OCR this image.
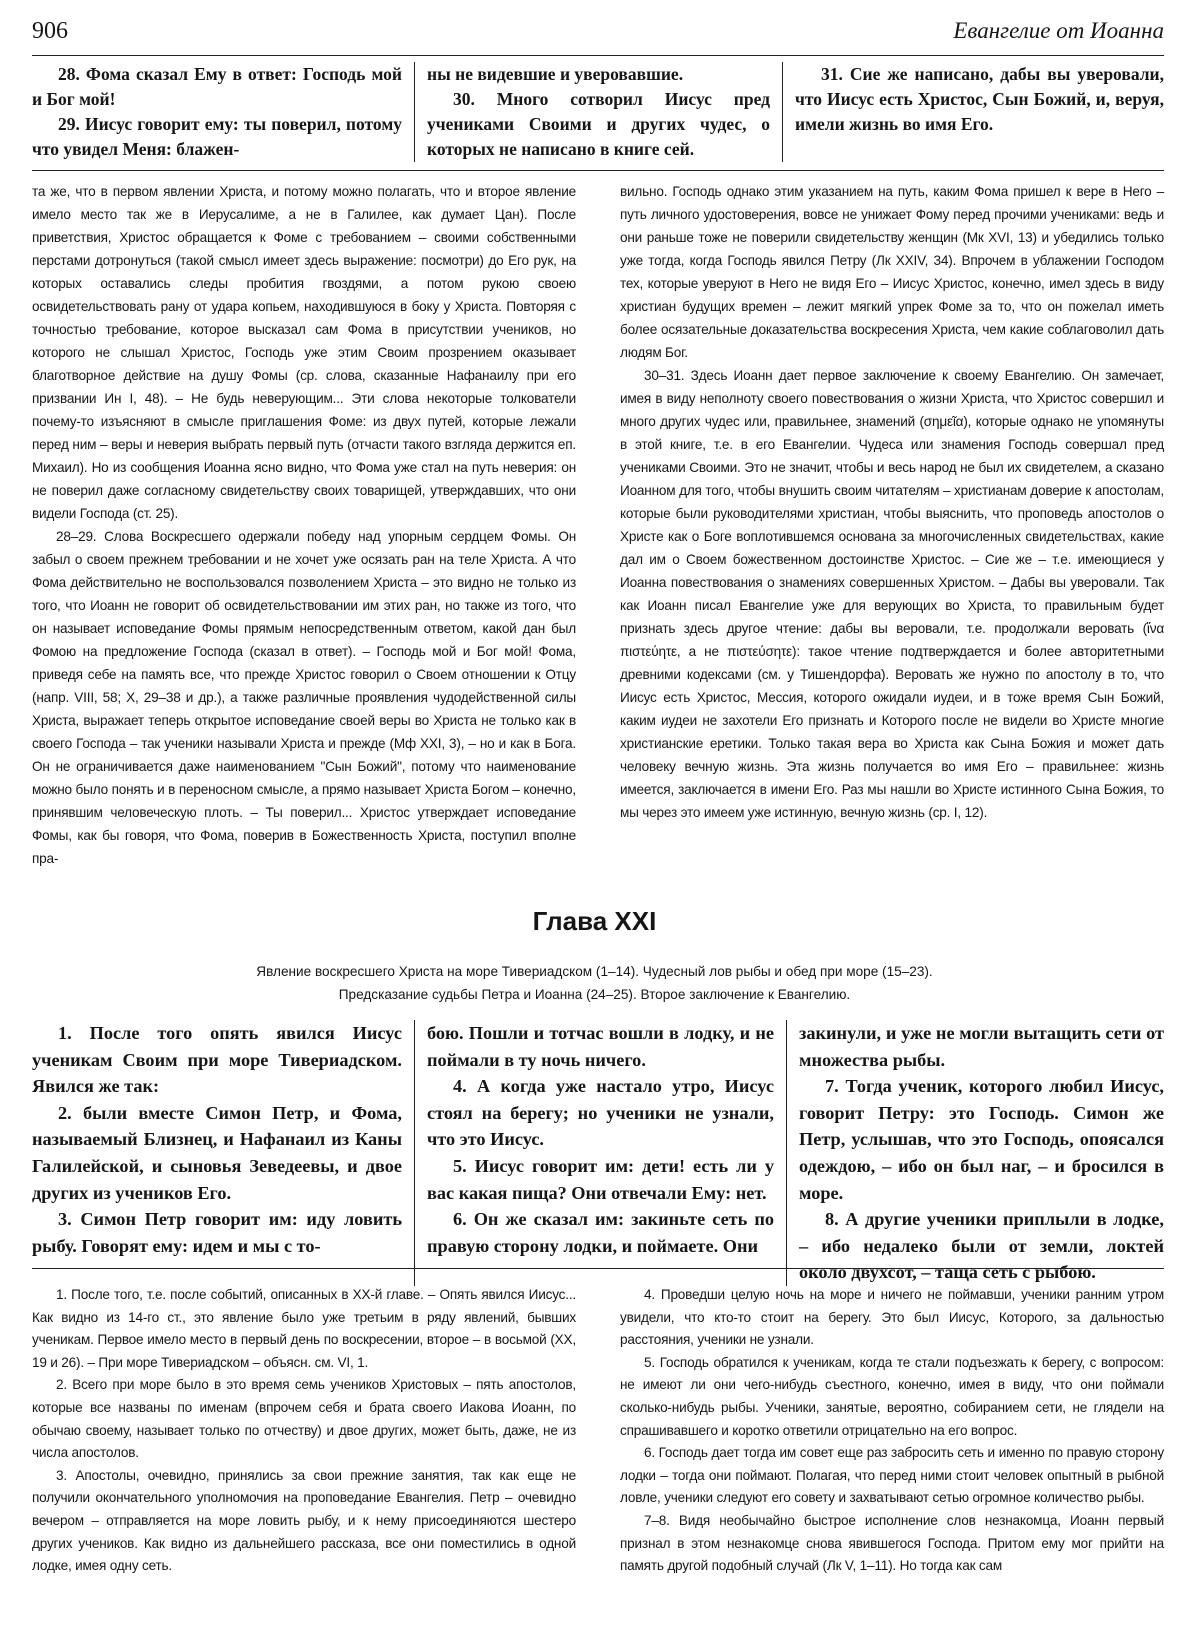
906	Евангелие от Иоанна

28. Фома сказал Ему в ответ: Господь мой и Бог мой!

29. Иисус говорит ему: ты поверил, потому что увидел Меня: блажен-

ны не видевшие и уверовавшие.

30. Много сотворил Иисус пред учениками Своими и других чудес, о которых не написано в книге сей.

31. Сие же написано, дабы вы уверовали, что Иисус есть Христос, Сын Божий, и, веруя, имели жизнь во имя Его.

та же, что в первом явлении Христа, и потому можно полагать, что и второе явление имело место так же в Иерусалиме, а не в Галилее, как думает Цан). После приветствия, Христос обращается к Фоме с требованием – своими собственными перстами дотронуться (такой смысл имеет здесь выражение: посмотри) до Его рук, на которых оставались следы пробития гвоздями, а потом рукою своею освидетельствовать рану от удара копьем, находившуюся в боку у Христа. Повторяя с точностью требование, которое высказал сам Фома в присутствии учеников, но которого не слышал Христос, Господь уже этим Своим прозрением оказывает благотворное действие на душу Фомы (ср. слова, сказанные Нафанаилу при его призвании Ин I, 48). – Не будь неверующим... Эти слова некоторые толкователи почему-то изъясняют в смысле приглашения Фоме: из двух путей, которые лежали перед ним – веры и неверия выбрать первый путь (отчасти такого взгляда держится еп. Михаил). Но из сообщения Иоанна ясно видно, что Фома уже стал на путь неверия: он не поверил даже согласному свидетельству своих товарищей, утверждавших, что они видели Господа (ст. 25).

28–29. Слова Воскресшего одержали победу над упорным сердцем Фомы. Он забыл о своем прежнем требовании и не хочет уже осязать ран на теле Христа. А что Фома действительно не воспользовался позволением Христа – это видно не только из того, что Иоанн не говорит об освидетельствовании им этих ран, но также из того, что он называет исповедание Фомы прямым непосредственным ответом, какой дан был Фомою на предложение Господа (сказал в ответ). – Господь мой и Бог мой! Фома, приведя себе на память все, что прежде Христос говорил о Своем отношении к Отцу (напр. VIII, 58; X, 29–38 и др.), а также различные проявления чудодейственной силы Христа, выражает теперь открытое исповедание своей веры во Христа не только как в своего Господа – так ученики называли Христа и прежде (Мф XXI, 3), – но и как в Бога. Он не ограничивается даже наименованием "Сын Божий", потому что наименование можно было понять и в переносном смысле, а прямо называет Христа Богом – конечно, принявшим человеческую плоть. – Ты поверил... Христос утверждает исповедание Фомы, как бы говоря, что Фома, поверив в Божественность Христа, поступил вполне пра-

вильно. Господь однако этим указанием на путь, каким Фома пришел к вере в Него – путь личного удостоверения, вовсе не унижает Фому перед прочими учениками: ведь и они раньше тоже не поверили свидетельству женщин (Мк XVI, 13) и убедились только уже тогда, когда Господь явился Петру (Лк XXIV, 34). Впрочем в ублажении Господом тех, которые уверуют в Него не видя Его – Иисус Христос, конечно, имел здесь в виду христиан будущих времен – лежит мягкий упрек Фоме за то, что он пожелал иметь более осязательные доказательства воскресения Христа, чем какие соблаговолил дать людям Бог.

30–31. Здесь Иоанн дает первое заключение к своему Евангелию. Он замечает, имея в виду неполноту своего повествования о жизни Христа, что Христос совершил и много других чудес или, правильнее, знамений (σημεῖα), которые однако не упомянуты в этой книге, т.е. в его Евангелии. Чудеса или знамения Господь совершал пред учениками Своими. Это не значит, чтобы и весь народ не был их свидетелем, а сказано Иоанном для того, чтобы внушить своим читателям – христианам доверие к апостолам, которые были руководителями христиан, чтобы выяснить, что проповедь апостолов о Христе как о Боге воплотившемся основана за многочисленных свидетельствах, какие дал им о Своем божественном достоинстве Христос. – Сие же – т.е. имеющиеся у Иоанна повествования о знамениях совершенных Христом. – Дабы вы уверовали. Так как Иоанн писал Евангелие уже для верующих во Христа, то правильным будет признать здесь другое чтение: дабы вы веровали, т.е. продолжали веровать (ἵνα πιστεύητε, а не πιστεύσητε): такое чтение подтверждается и более авторитетными древними кодексами (см. у Тишендорфа). Веровать же нужно по апостолу в то, что Иисус есть Христос, Мессия, которого ожидали иудеи, и в тоже время Сын Божий, каким иудеи не захотели Его признать и Которого после не видели во Христе многие христианские еретики. Только такая вера во Христа как Сына Божия и может дать человеку вечную жизнь. Эта жизнь получается во имя Его – правильнее: жизнь имеется, заключается в имени Его. Раз мы нашли во Христе истинного Сына Божия, то мы через это имеем уже истинную, вечную жизнь (ср. I, 12).

Глава XXI
Явление воскресшего Христа на море Тивериадском (1–14). Чудесный лов рыбы и обед при море (15–23).
Предсказание судьбы Петра и Иоанна (24–25). Второе заключение к Евангелию.

1. После того опять явился Иисус ученикам Своим при море Тивериадском. Явился же так:

2. были вместе Симон Петр, и Фома, называемый Близнец, и Нафанаил из Каны Галилейской, и сыновья Зеведеевы, и двое других из учеников Его.

3. Симон Петр говорит им: иду ловить рыбу. Говорят ему: идем и мы с то-

бою. Пошли и тотчас вошли в лодку, и не поймали в ту ночь ничего.

4. А когда уже настало утро, Иисус стоял на берегу; но ученики не узнали, что это Иисус.

5. Иисус говорит им: дети! есть ли у вас какая пища? Они отвечали Ему: нет.

6. Он же сказал им: закиньте сеть по правую сторону лодки, и поймаете. Они

закинули, и уже не могли вытащить сети от множества рыбы.

7. Тогда ученик, которого любил Иисус, говорит Петру: это Господь. Симон же Петр, услышав, что это Господь, опоясался одеждою, – ибо он был наг, – и бросился в море.

8. А другие ученики приплыли в лодке, – ибо недалеко были от земли, локтей около двухсот, – таща сеть с рыбою.

1. После того, т.е. после событий, описанных в XX-й главе. – Опять явился Иисус... Как видно из 14-го ст., это явление было уже третьим в ряду явлений, бывших ученикам. Первое имело место в первый день по воскресении, второе – в восьмой (XX, 19 и 26). – При море Тивериадском – объясн. см. VI, 1.

2. Всего при море было в это время семь учеников Христовых – пять апостолов, которые все названы по именам (впрочем себя и брата своего Иакова Иоанн, по обычаю своему, называет только по отчеству) и двое других, может быть, даже, не из числа апостолов.

3. Апостолы, очевидно, принялись за свои прежние занятия, так как еще не получили окончательного уполномочия на проповедание Евангелия. Петр – очевидно вечером – отправляется на море ловить рыбу, и к нему присоединяются шестеро других учеников. Как видно из дальнейшего рассказа, все они поместились в одной лодке, имея одну сеть.

4. Проведши целую ночь на море и ничего не поймавши, ученики ранним утром увидели, что кто-то стоит на берегу. Это был Иисус, Которого, за дальностью расстояния, ученики не узнали.

5. Господь обратился к ученикам, когда те стали подъезжать к берегу, с вопросом: не имеют ли они чего-нибудь съестного, конечно, имея в виду, что они поймали сколько-нибудь рыбы. Ученики, занятые, вероятно, собиранием сети, не глядели на спрашивавшего и коротко ответили отрицательно на его вопрос.

6. Господь дает тогда им совет еще раз забросить сеть и именно по правую сторону лодки – тогда они поймают. Полагая, что перед ними стоит человек опытный в рыбной ловле, ученики следуют его совету и захватывают сетью огромное количество рыбы.

7–8. Видя необычайно быстрое исполнение слов незнакомца, Иоанн первый признал в этом незнакомце снова явившегося Господа. Притом ему мог прийти на память другой подобный случай (Лк V, 1–11). Но тогда как сам
